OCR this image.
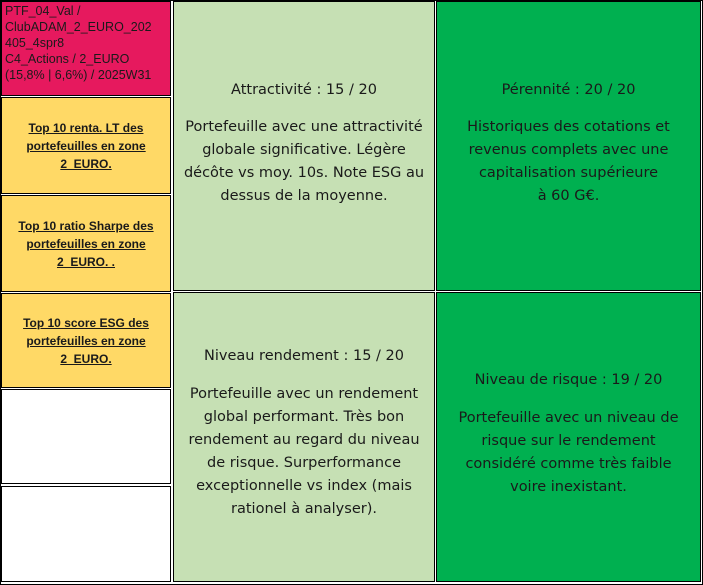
PTF_04_Val /
ClubADAM_2_EURO_202
405_4spr8
C4_Actions / 2_EURO
(15,8% | 6,6%) / 2025W31
Top 10 renta. LT des portefeuilles en zone 2_EURO.
Top 10 ratio Sharpe des portefeuilles en zone 2_EURO. .
Top 10 score ESG des portefeuilles en zone 2_EURO.
Attractivité : 15 / 20
Portefeuille avec une attractivité
globale significative. Légère
décôte vs moy. 10s. Note ESG au
dessus de la moyenne.
Pérennité : 20 / 20
Historiques des cotations et
revenus complets avec une
capitalisation supérieure
à 60 G€.
Niveau rendement : 15 / 20
Portefeuille avec un rendement
global performant. Très bon
rendement au regard du niveau
de risque. Surperformance
exceptionnelle vs index (mais
rationel à analyser).
Niveau de risque : 19 / 20
Portefeuille avec un niveau de
risque sur le rendement
considéré comme très faible
voire inexistant.
